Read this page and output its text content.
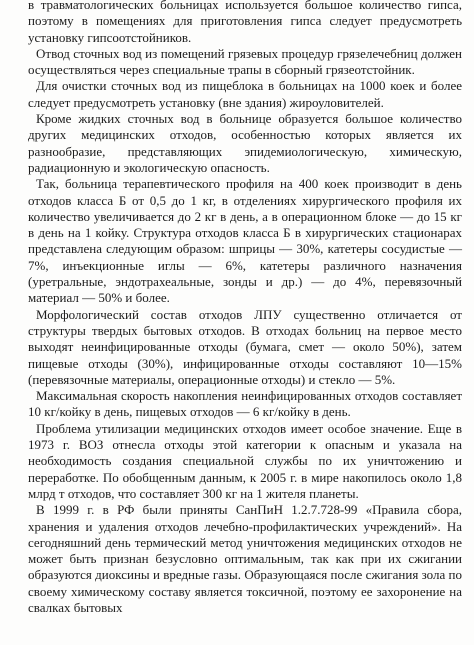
в травматологических больницах используется большое количество гипса, поэтому в помещениях для приготовления гипса следует предусмотреть установку гипсоотстойников.

Отвод сточных вод из помещений грязевых процедур грязелечебниц должен осуществляться через специальные трапы в сборный грязеотстойник.

Для очистки сточных вод из пищеблока в больницах на 1000 коек и более следует предусмотреть установку (вне здания) жироуловителей.

Кроме жидких сточных вод в больнице образуется большое количество других медицинских отходов, особенностью которых является их разнообразие, представляющих эпидемиологическую, химическую, радиационную и экологическую опасность.

Так, больница терапевтического профиля на 400 коек производит в день отходов класса Б от 0,5 до 1 кг, в отделениях хирургического профиля их количество увеличивается до 2 кг в день, а в операционном блоке — до 15 кг в день на 1 койку. Структура отходов класса Б в хирургических стационарах представлена следующим образом: шприцы — 30%, катетеры сосудистые — 7%, инъекционные иглы — 6%, катетеры различного назначения (уретральные, эндотрахеальные, зонды и др.) — до 4%, перевязочный материал — 50% и более.

Морфологический состав отходов ЛПУ существенно отличается от структуры твердых бытовых отходов. В отходах больниц на первое место выходят неинфицированные отходы (бумага, смет — около 50%), затем пищевые отходы (30%), инфицированные отходы составляют 10—15% (перевязочные материалы, операционные отходы) и стекло — 5%.

Максимальная скорость накопления неинфицированных отходов составляет 10 кг/койку в день, пищевых отходов — 6 кг/койку в день.

Проблема утилизации медицинских отходов имеет особое значение. Еще в 1973 г. ВОЗ отнесла отходы этой категории к опасным и указала на необходимость создания специальной службы по их уничтожению и переработке. По обобщенным данным, к 2005 г. в мире накопилось около 1,8 млрд т отходов, что составляет 300 кг на 1 жителя планеты.

В 1999 г. в РФ были приняты СанПиН 1.2.7.728-99 «Правила сбора, хранения и удаления отходов лечебно-профилактических учреждений». На сегодняшний день термический метод уничтожения медицинских отходов не может быть признан безусловно оптимальным, так как при их сжигании образуются диоксины и вредные газы. Образующаяся после сжигания зола по своему химическому составу является токсичной, поэтому ее захоронение на свалках бытовых
